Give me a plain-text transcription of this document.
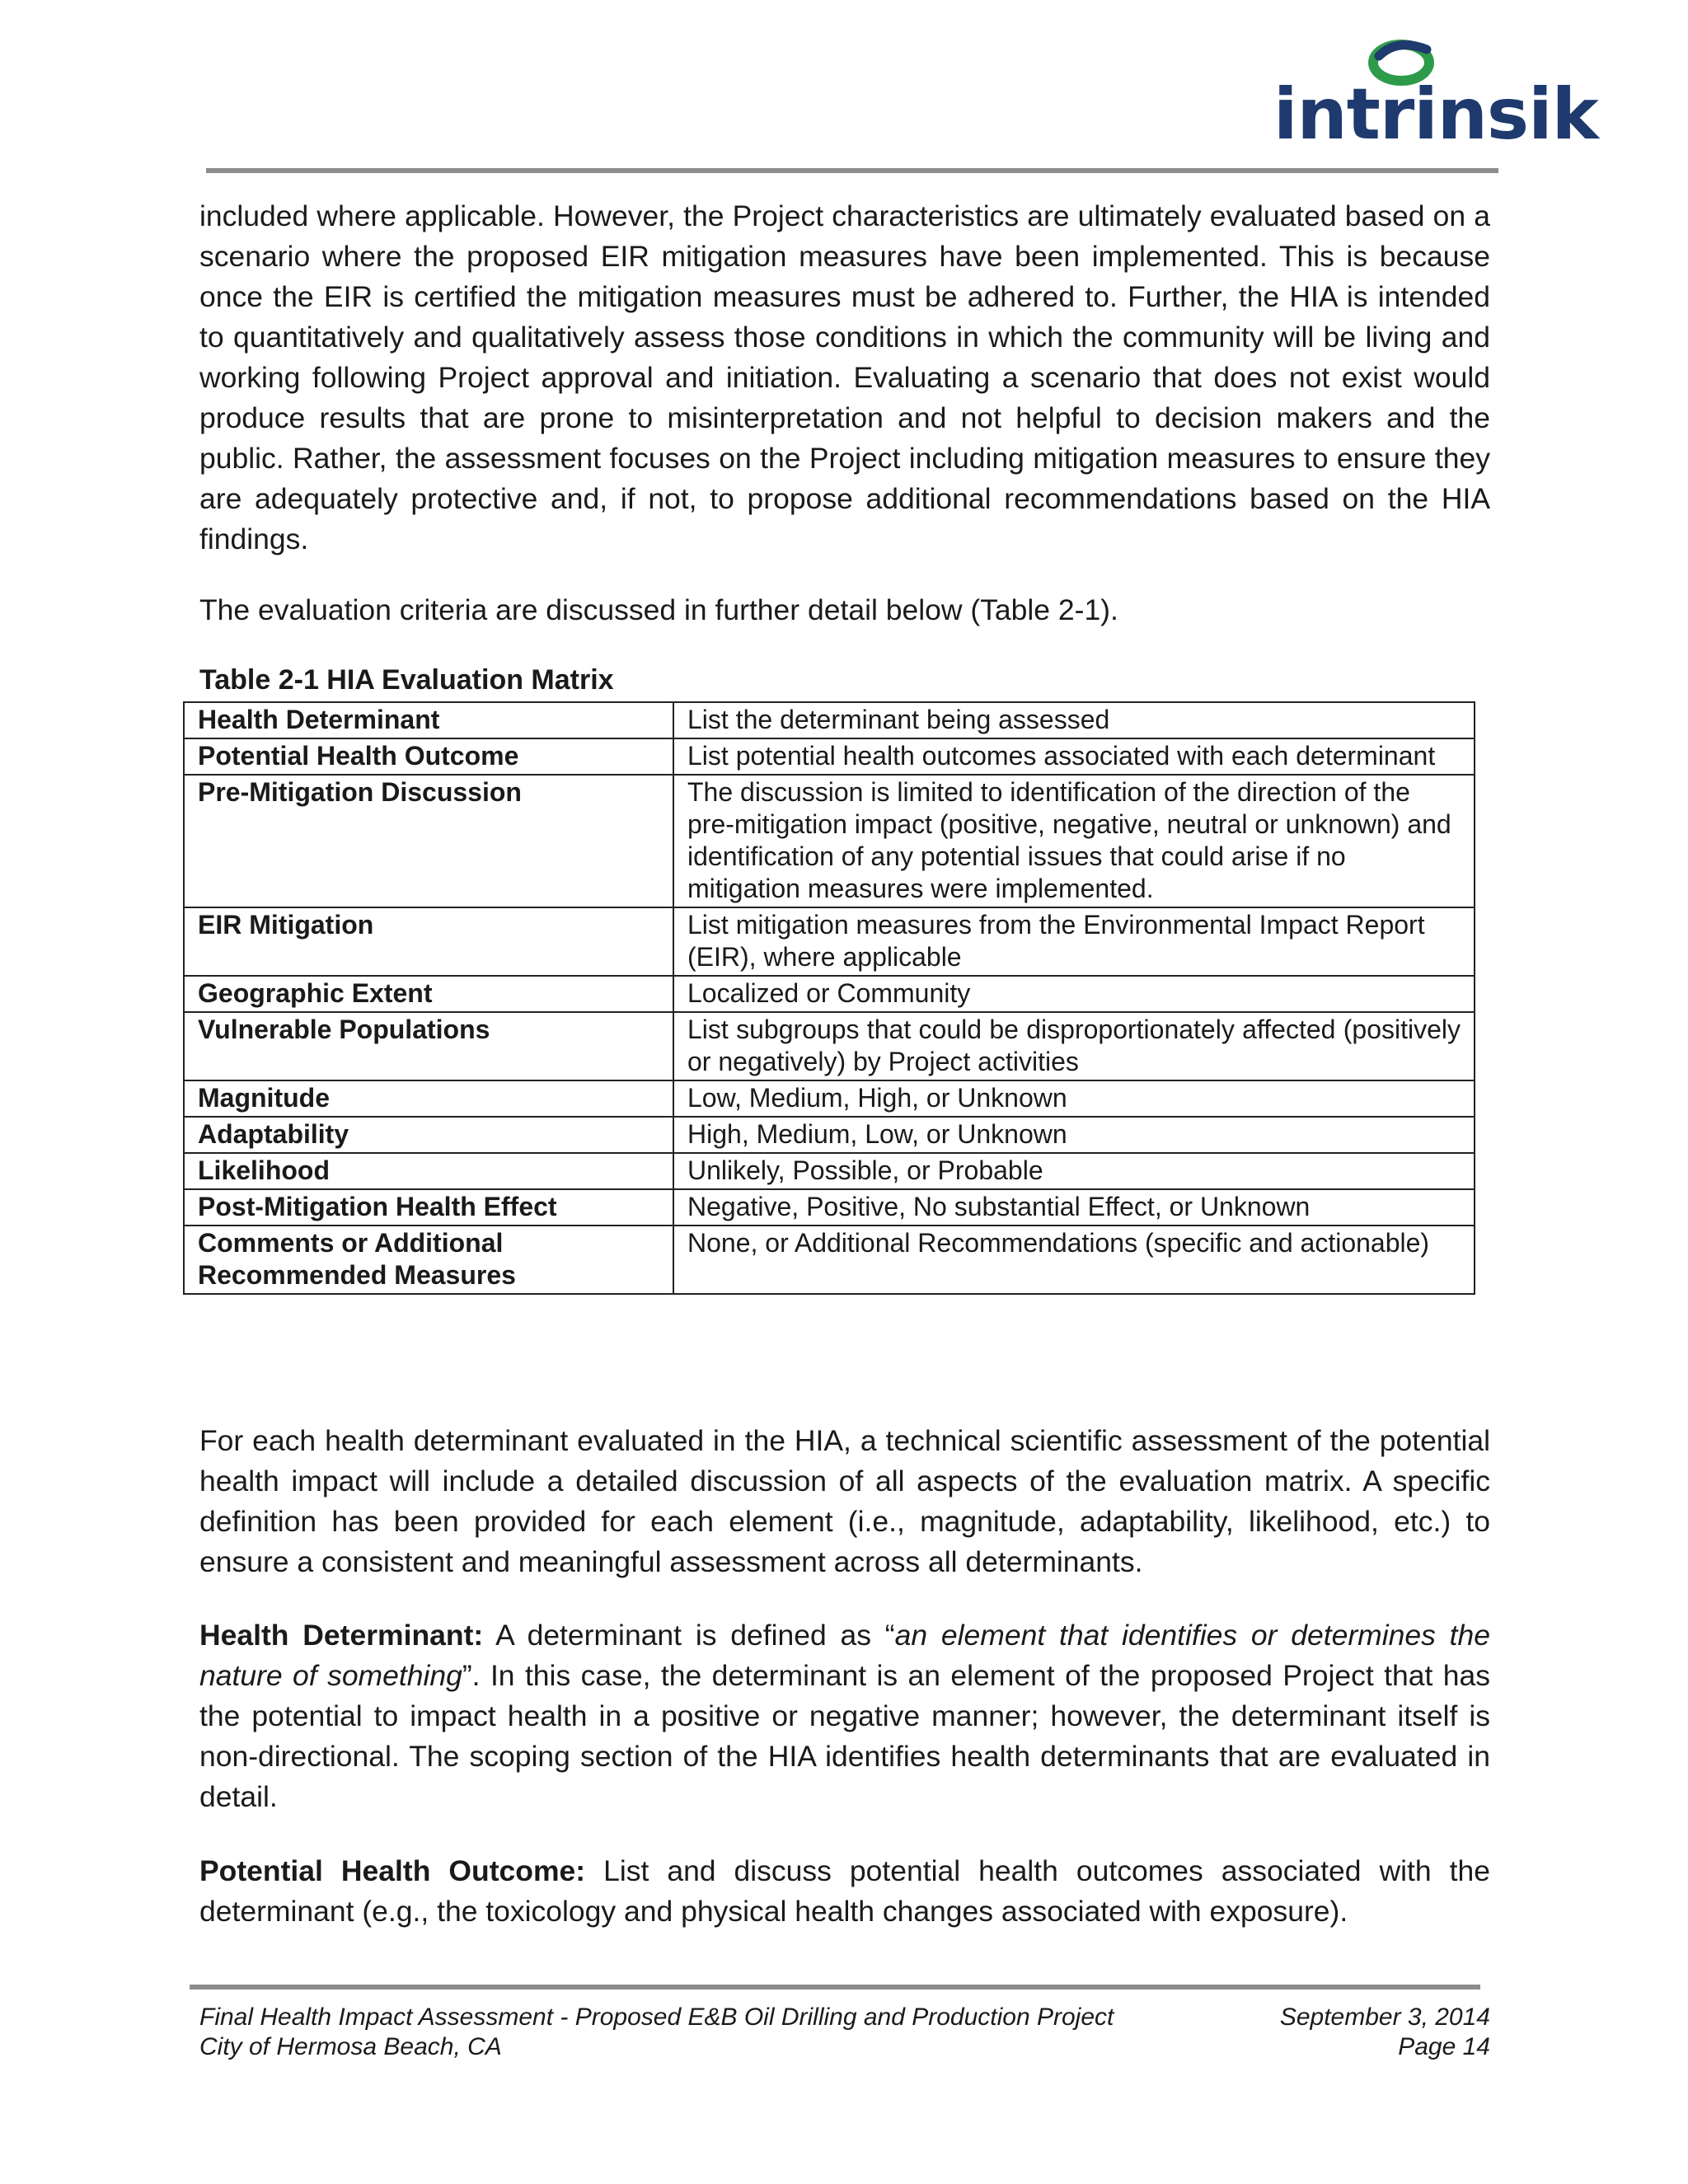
intrinsik

included where applicable. However, the Project characteristics are ultimately evaluated based on a scenario where the proposed EIR mitigation measures have been implemented. This is because once the EIR is certified the mitigation measures must be adhered to. Further, the HIA is intended to quantitatively and qualitatively assess those conditions in which the community will be living and working following Project approval and initiation. Evaluating a scenario that does not exist would produce results that are prone to misinterpretation and not helpful to decision makers and the public. Rather, the assessment focuses on the Project including mitigation measures to ensure they are adequately protective and, if not, to propose additional recommendations based on the HIA findings.

The evaluation criteria are discussed in further detail below (Table 2-1).

Table 2-1 HIA Evaluation Matrix
Health Determinant	List the determinant being assessed
Potential Health Outcome	List potential health outcomes associated with each determinant
Pre-Mitigation Discussion	The discussion is limited to identification of the direction of the pre-mitigation impact (positive, negative, neutral or unknown) and identification of any potential issues that could arise if no mitigation measures were implemented.
EIR Mitigation	List mitigation measures from the Environmental Impact Report (EIR), where applicable
Geographic Extent	Localized or Community
Vulnerable Populations	List subgroups that could be disproportionately affected (positively or negatively) by Project activities
Magnitude	Low, Medium, High, or Unknown
Adaptability	High, Medium, Low, or Unknown
Likelihood	Unlikely, Possible, or Probable
Post-Mitigation Health Effect	Negative, Positive, No substantial Effect, or Unknown
Comments or Additional Recommended Measures	None, or Additional Recommendations (specific and actionable)

For each health determinant evaluated in the HIA, a technical scientific assessment of the potential health impact will include a detailed discussion of all aspects of the evaluation matrix. A specific definition has been provided for each element (i.e., magnitude, adaptability, likelihood, etc.) to ensure a consistent and meaningful assessment across all determinants.

Health Determinant: A determinant is defined as “an element that identifies or determines the nature of something”. In this case, the determinant is an element of the proposed Project that has the potential to impact health in a positive or negative manner; however, the determinant itself is non-directional. The scoping section of the HIA identifies health determinants that are evaluated in detail.

Potential Health Outcome: List and discuss potential health outcomes associated with the determinant (e.g., the toxicology and physical health changes associated with exposure).

Final Health Impact Assessment - Proposed E&B Oil Drilling and Production Project	September 3, 2014
City of Hermosa Beach, CA	Page 14
